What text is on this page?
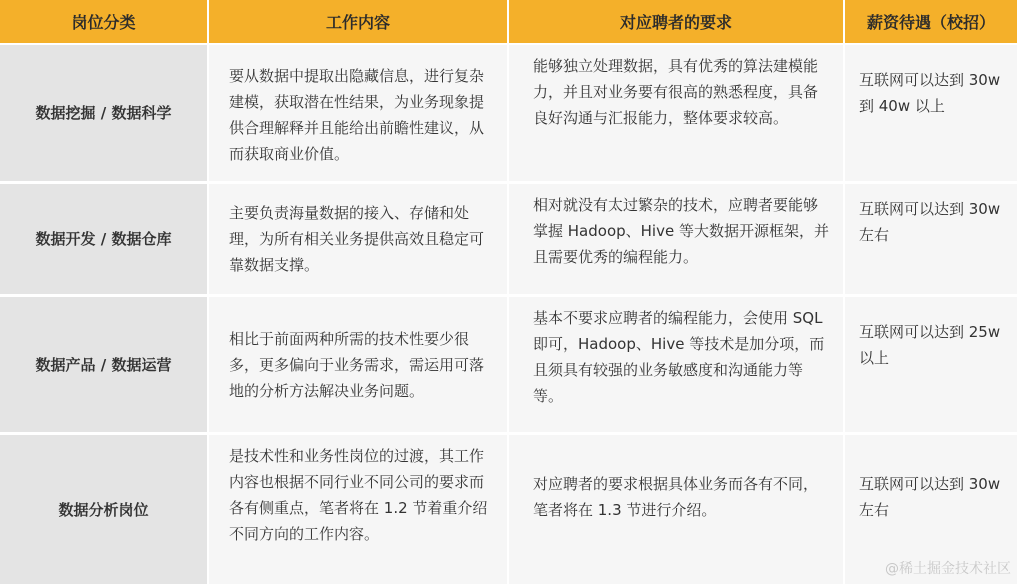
岗位分类	工作内容	对应聘者的要求	薪资待遇（校招）
数据挖掘 / 数据科学	要从数据中提取出隐藏信息，进行复杂建模，获取潜在性结果，为业务现象提供合理解释并且能给出前瞻性建议，从而获取商业价值。	能够独立处理数据，具有优秀的算法建模能力，并且对业务要有很高的熟悉程度，具备良好沟通与汇报能力，整体要求较高。	互联网可以达到 30w 到 40w 以上

数据开发 / 数据仓库	主要负责海量数据的接入、存储和处理，为所有相关业务提供高效且稳定可靠数据支撑。	相对就没有太过繁杂的技术，应聘者要能够掌握 Hadoop、Hive 等大数据开源框架，并且需要优秀的编程能力。	互联网可以达到 30w 左右

数据产品 / 数据运营	相比于前面两种所需的技术性要少很多，更多偏向于业务需求，需运用可落地的分析方法解决业务问题。	基本不要求应聘者的编程能力，会使用 SQL 即可，Hadoop、Hive 等技术是加分项，而且须具有较强的业务敏感度和沟通能力等等。	互联网可以达到 25w 以上

数据分析岗位	是技术性和业务性岗位的过渡，其工作内容也根据不同行业不同公司的要求而各有侧重点，笔者将在 1.2 节着重介绍不同方向的工作内容。	对应聘者的要求根据具体业务而各有不同，笔者将在 1.3 节进行介绍。	互联网可以达到 30w 左右
@稀土掘金技术社区
